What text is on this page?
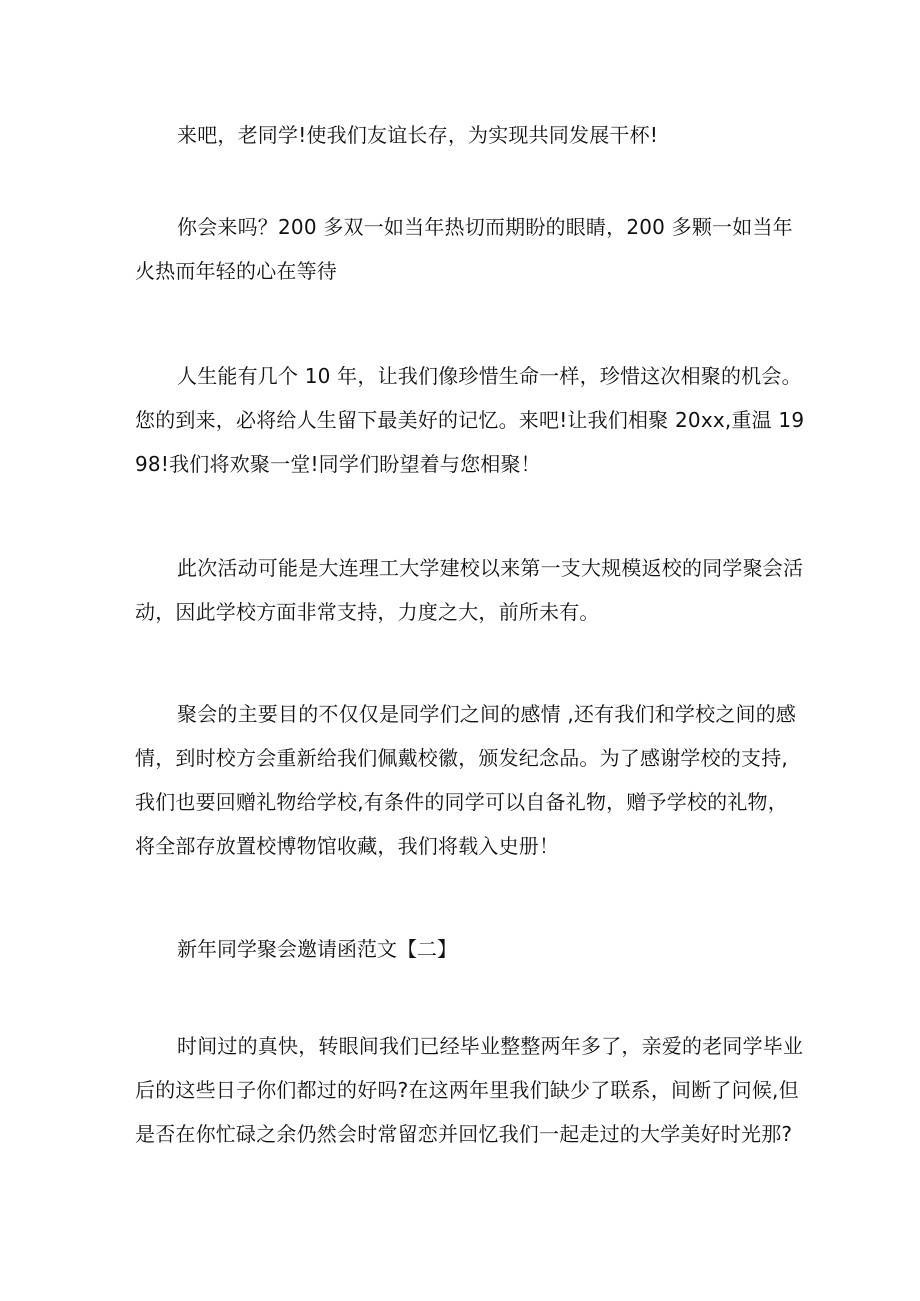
来吧，老同学!使我们友谊长存，为实现共同发展干杯!

你会来吗？200 多双一如当年热切而期盼的眼睛，200 多颗一如当年火热而年轻的心在等待

人生能有几个 10 年，让我们像珍惜生命一样，珍惜这次相聚的机会。您的到来，必将给人生留下最美好的记忆。来吧!让我们相聚 20xx,重温 1998!我们将欢聚一堂!同学们盼望着与您相聚！

此次活动可能是大连理工大学建校以来第一支大规模返校的同学聚会活动，因此学校方面非常支持，力度之大，前所未有。

聚会的主要目的不仅仅是同学们之间的感情 ,还有我们和学校之间的感情，到时校方会重新给我们佩戴校徽，颁发纪念品。为了感谢学校的支持,我们也要回赠礼物给学校,有条件的同学可以自备礼物，赠予学校的礼物，将全部存放置校博物馆收藏，我们将载入史册！

新年同学聚会邀请函范文【二】

时间过的真快，转眼间我们已经毕业整整两年多了，亲爱的老同学毕业后的这些日子你们都过的好吗?在这两年里我们缺少了联系，间断了问候,但是否在你忙碌之余仍然会时常留恋并回忆我们一起走过的大学美好时光那?
